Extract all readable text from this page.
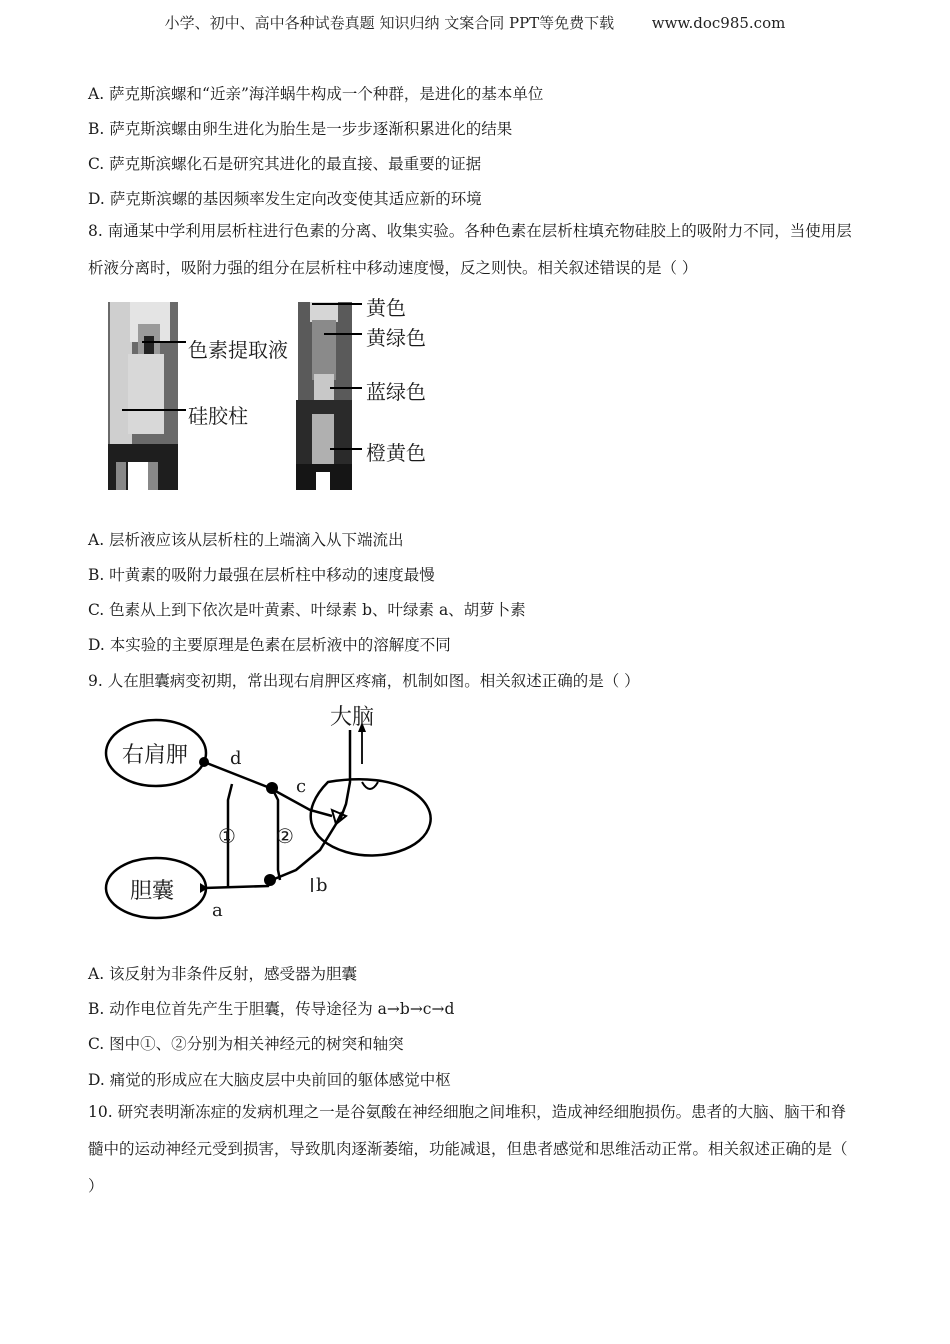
小学、初中、高中各种试卷真题 知识归纳 文案合同 PPT等免费下载	www.doc985.com
A. 萨克斯滨螺和“近亲”海洋蜗牛构成一个种群，是进化的基本单位
B. 萨克斯滨螺由卵生进化为胎生是一步步逐渐积累进化的结果
C. 萨克斯滨螺化石是研究其进化的最直接、最重要的证据
D. 萨克斯滨螺的基因频率发生定向改变使其适应新的环境
8. 南通某中学利用层析柱进行色素的分离、收集实验。各种色素在层析柱填充物硅胶上的吸附力不同，当使用层析液分离时，吸附力强的组分在层析柱中移动速度慢，反之则快。相关叙述错误的是（ ）
色素提取液
硅胶柱
黄色
黄绿色
蓝绿色
橙黄色
A. 层析液应该从层析柱的上端滴入从下端流出
B. 叶黄素的吸附力最强在层析柱中移动的速度最慢
C. 色素从上到下依次是叶黄素、叶绿素 b、叶绿素 a、胡萝卜素
D. 本实验的主要原理是色素在层析液中的溶解度不同
9. 人在胆囊病变初期，常出现右肩胛区疼痛，机制如图。相关叙述正确的是（ ）
大脑
右肩胛
胆囊
d
c
b
a
① ②
A. 该反射为非条件反射，感受器为胆囊
B. 动作电位首先产生于胆囊，传导途径为 a→b→c→d
C. 图中①、②分别为相关神经元的树突和轴突
D. 痛觉的形成应在大脑皮层中央前回的躯体感觉中枢
10. 研究表明渐冻症的发病机理之一是谷氨酸在神经细胞之间堆积，造成神经细胞损伤。患者的大脑、脑干和脊髓中的运动神经元受到损害，导致肌肉逐渐萎缩，功能减退，但患者感觉和思维活动正常。相关叙述正确的是（ ）
